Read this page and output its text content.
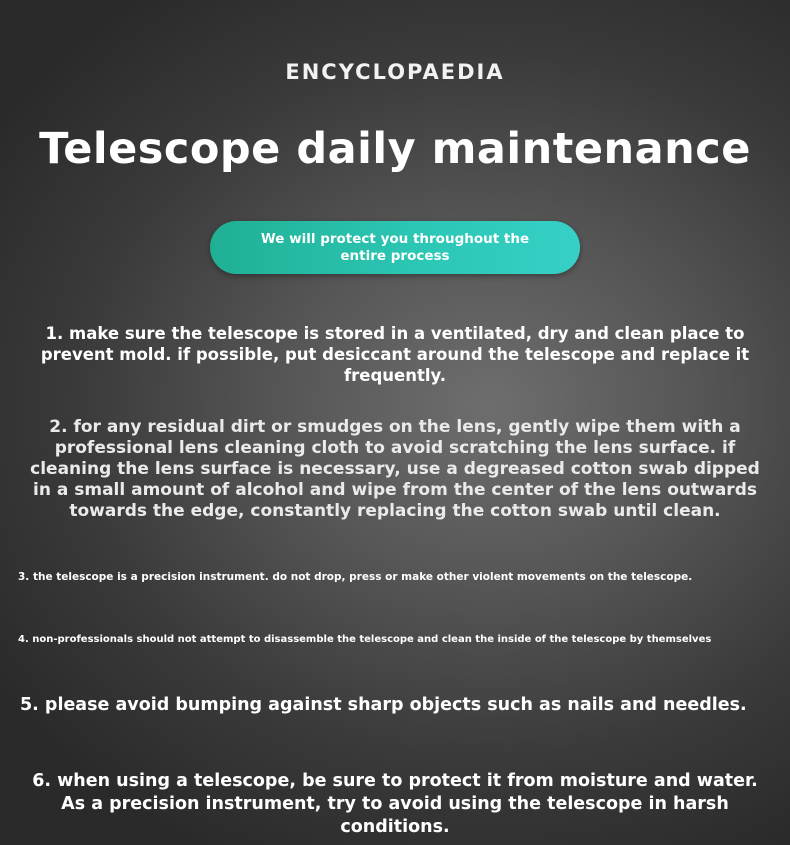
ENCYCLOPAEDIA
Telescope daily maintenance
We will protect you throughout the entire process
1. make sure the telescope is stored in a ventilated, dry and clean place to prevent mold. if possible, put desiccant around the telescope and replace it frequently.
2. for any residual dirt or smudges on the lens, gently wipe them with a professional lens cleaning cloth to avoid scratching the lens surface. if cleaning the lens surface is necessary, use a degreased cotton swab dipped in a small amount of alcohol and wipe from the center of the lens outwards towards the edge, constantly replacing the cotton swab until clean.
3. the telescope is a precision instrument. do not drop, press or make other violent movements on the telescope.
4. non-professionals should not attempt to disassemble the telescope and clean the inside of the telescope by themselves
5. please avoid bumping against sharp objects such as nails and needles.
6. when using a telescope, be sure to protect it from moisture and water. As a precision instrument, try to avoid using the telescope in harsh conditions.
